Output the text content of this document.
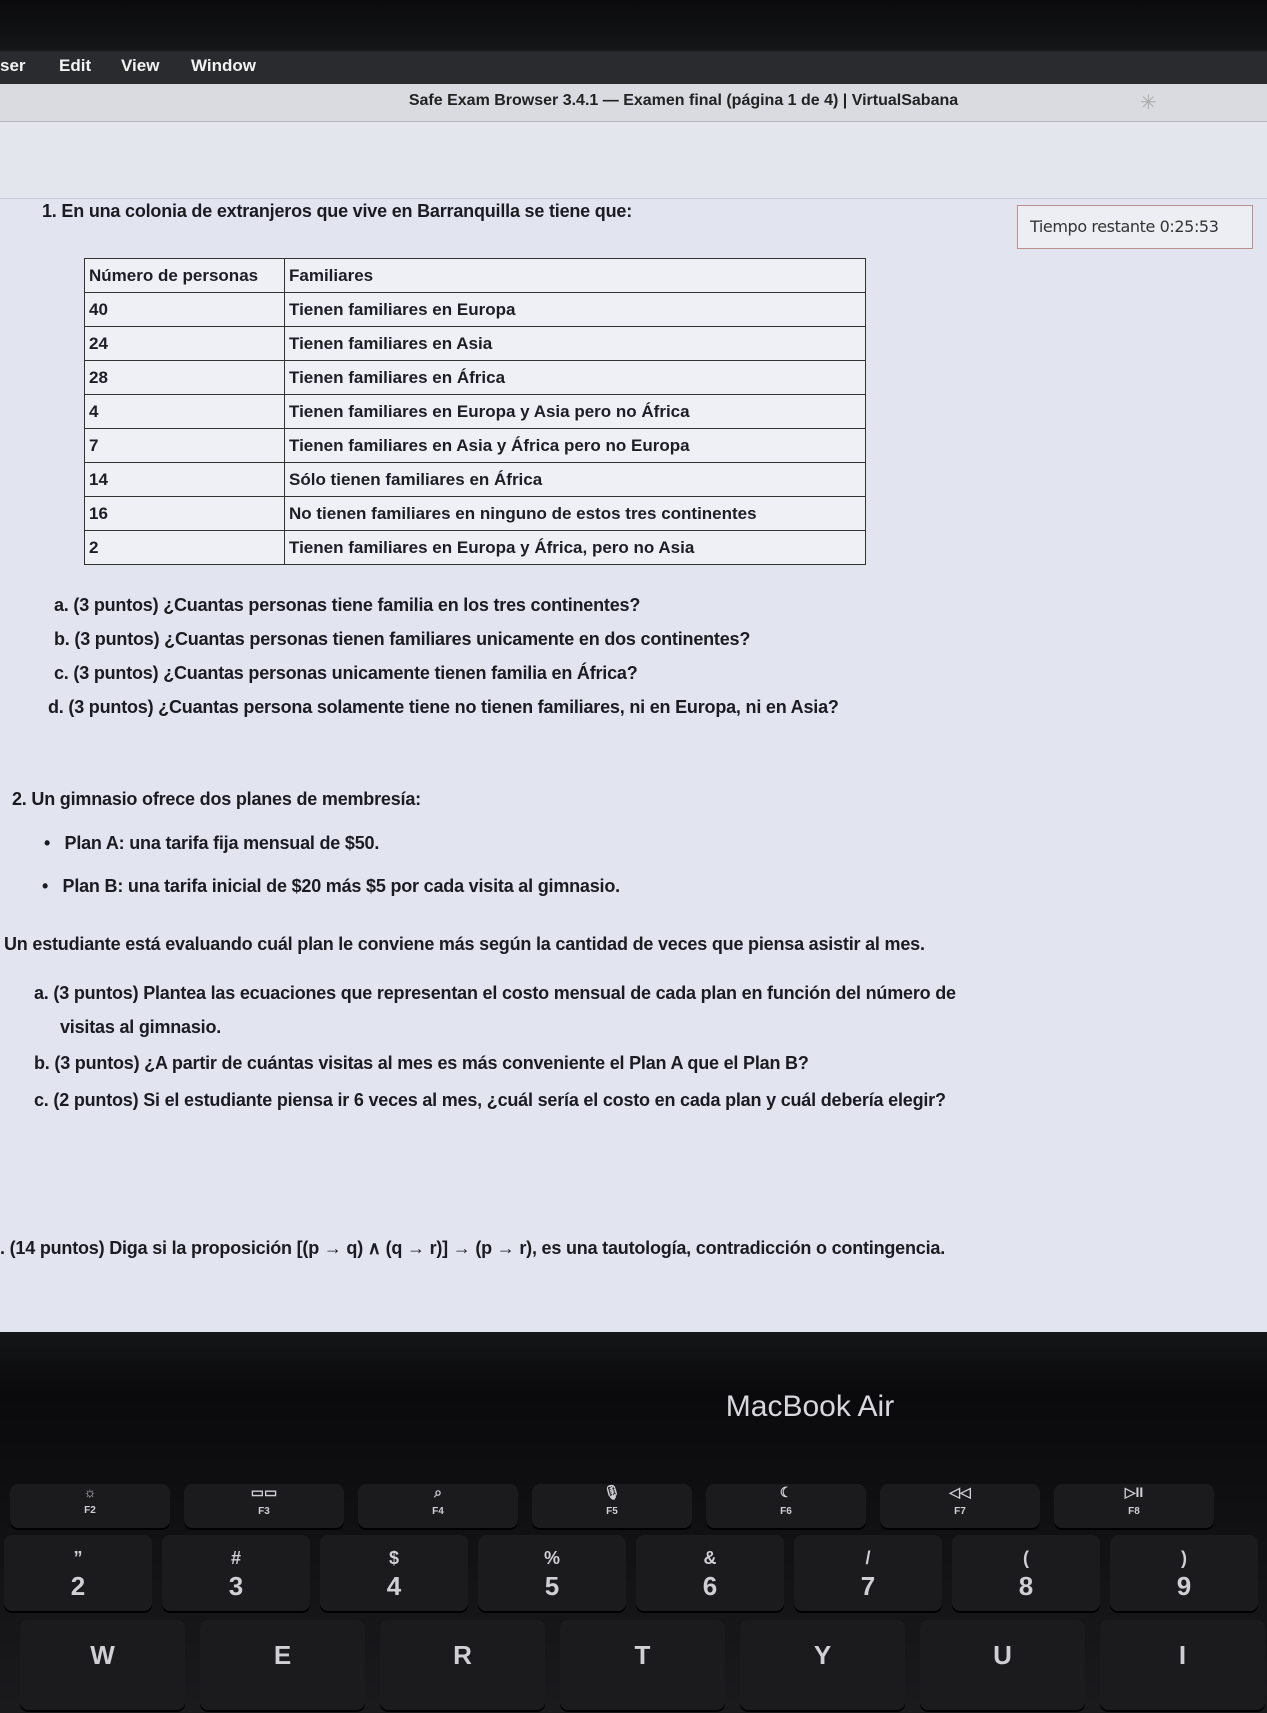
ser Edit View Window
Safe Exam Browser 3.4.1 — Examen final (página 1 de 4) | VirtualSabana	✳
1. En una colonia de extranjeros que vive en Barranquilla se tiene que:
Tiempo restante 0:25:53
Número de personas	Familiares
40	Tienen familiares en Europa
24	Tienen familiares en Asia
28	Tienen familiares en África
4	Tienen familiares en Europa y Asia pero no África
7	Tienen familiares en Asia y África pero no Europa
14	Sólo tienen familiares en África
16	No tienen familiares en ninguno de estos tres continentes
2	Tienen familiares en Europa y África, pero no Asia
a. (3 puntos) ¿Cuantas personas tiene familia en los tres continentes?
b. (3 puntos) ¿Cuantas personas tienen familiares unicamente en dos continentes?
c. (3 puntos) ¿Cuantas personas unicamente tienen familia en África?
d. (3 puntos) ¿Cuantas persona solamente tiene no tienen familiares, ni en Europa, ni en Asia?
2. Un gimnasio ofrece dos planes de membresía:
•   Plan A: una tarifa fija mensual de $50.
•   Plan B: una tarifa inicial de $20 más $5 por cada visita al gimnasio.
Un estudiante está evaluando cuál plan le conviene más según la cantidad de veces que piensa asistir al mes.
a. (3 puntos) Plantea las ecuaciones que representan el costo mensual de cada plan en función del número de
visitas al gimnasio.
b. (3 puntos) ¿A partir de cuántas visitas al mes es más conveniente el Plan A que el Plan B?
c. (2 puntos) Si el estudiante piensa ir 6 veces al mes, ¿cuál sería el costo en cada plan y cuál debería elegir?
. (14 puntos) Diga si la proposición [(p → q) ∧ (q → r)] → (p → r), es una tautología, contradicción o contingencia.
MacBook Air
☼
F2
▭▭
F3
⌕
F4
🎙
F5
☾
F6
◁◁
F7
▷II
F8
”
2
#
3
$
4
%
5
&
6
/
7
(
8
)
9
W	E	R	T	Y	U	I
